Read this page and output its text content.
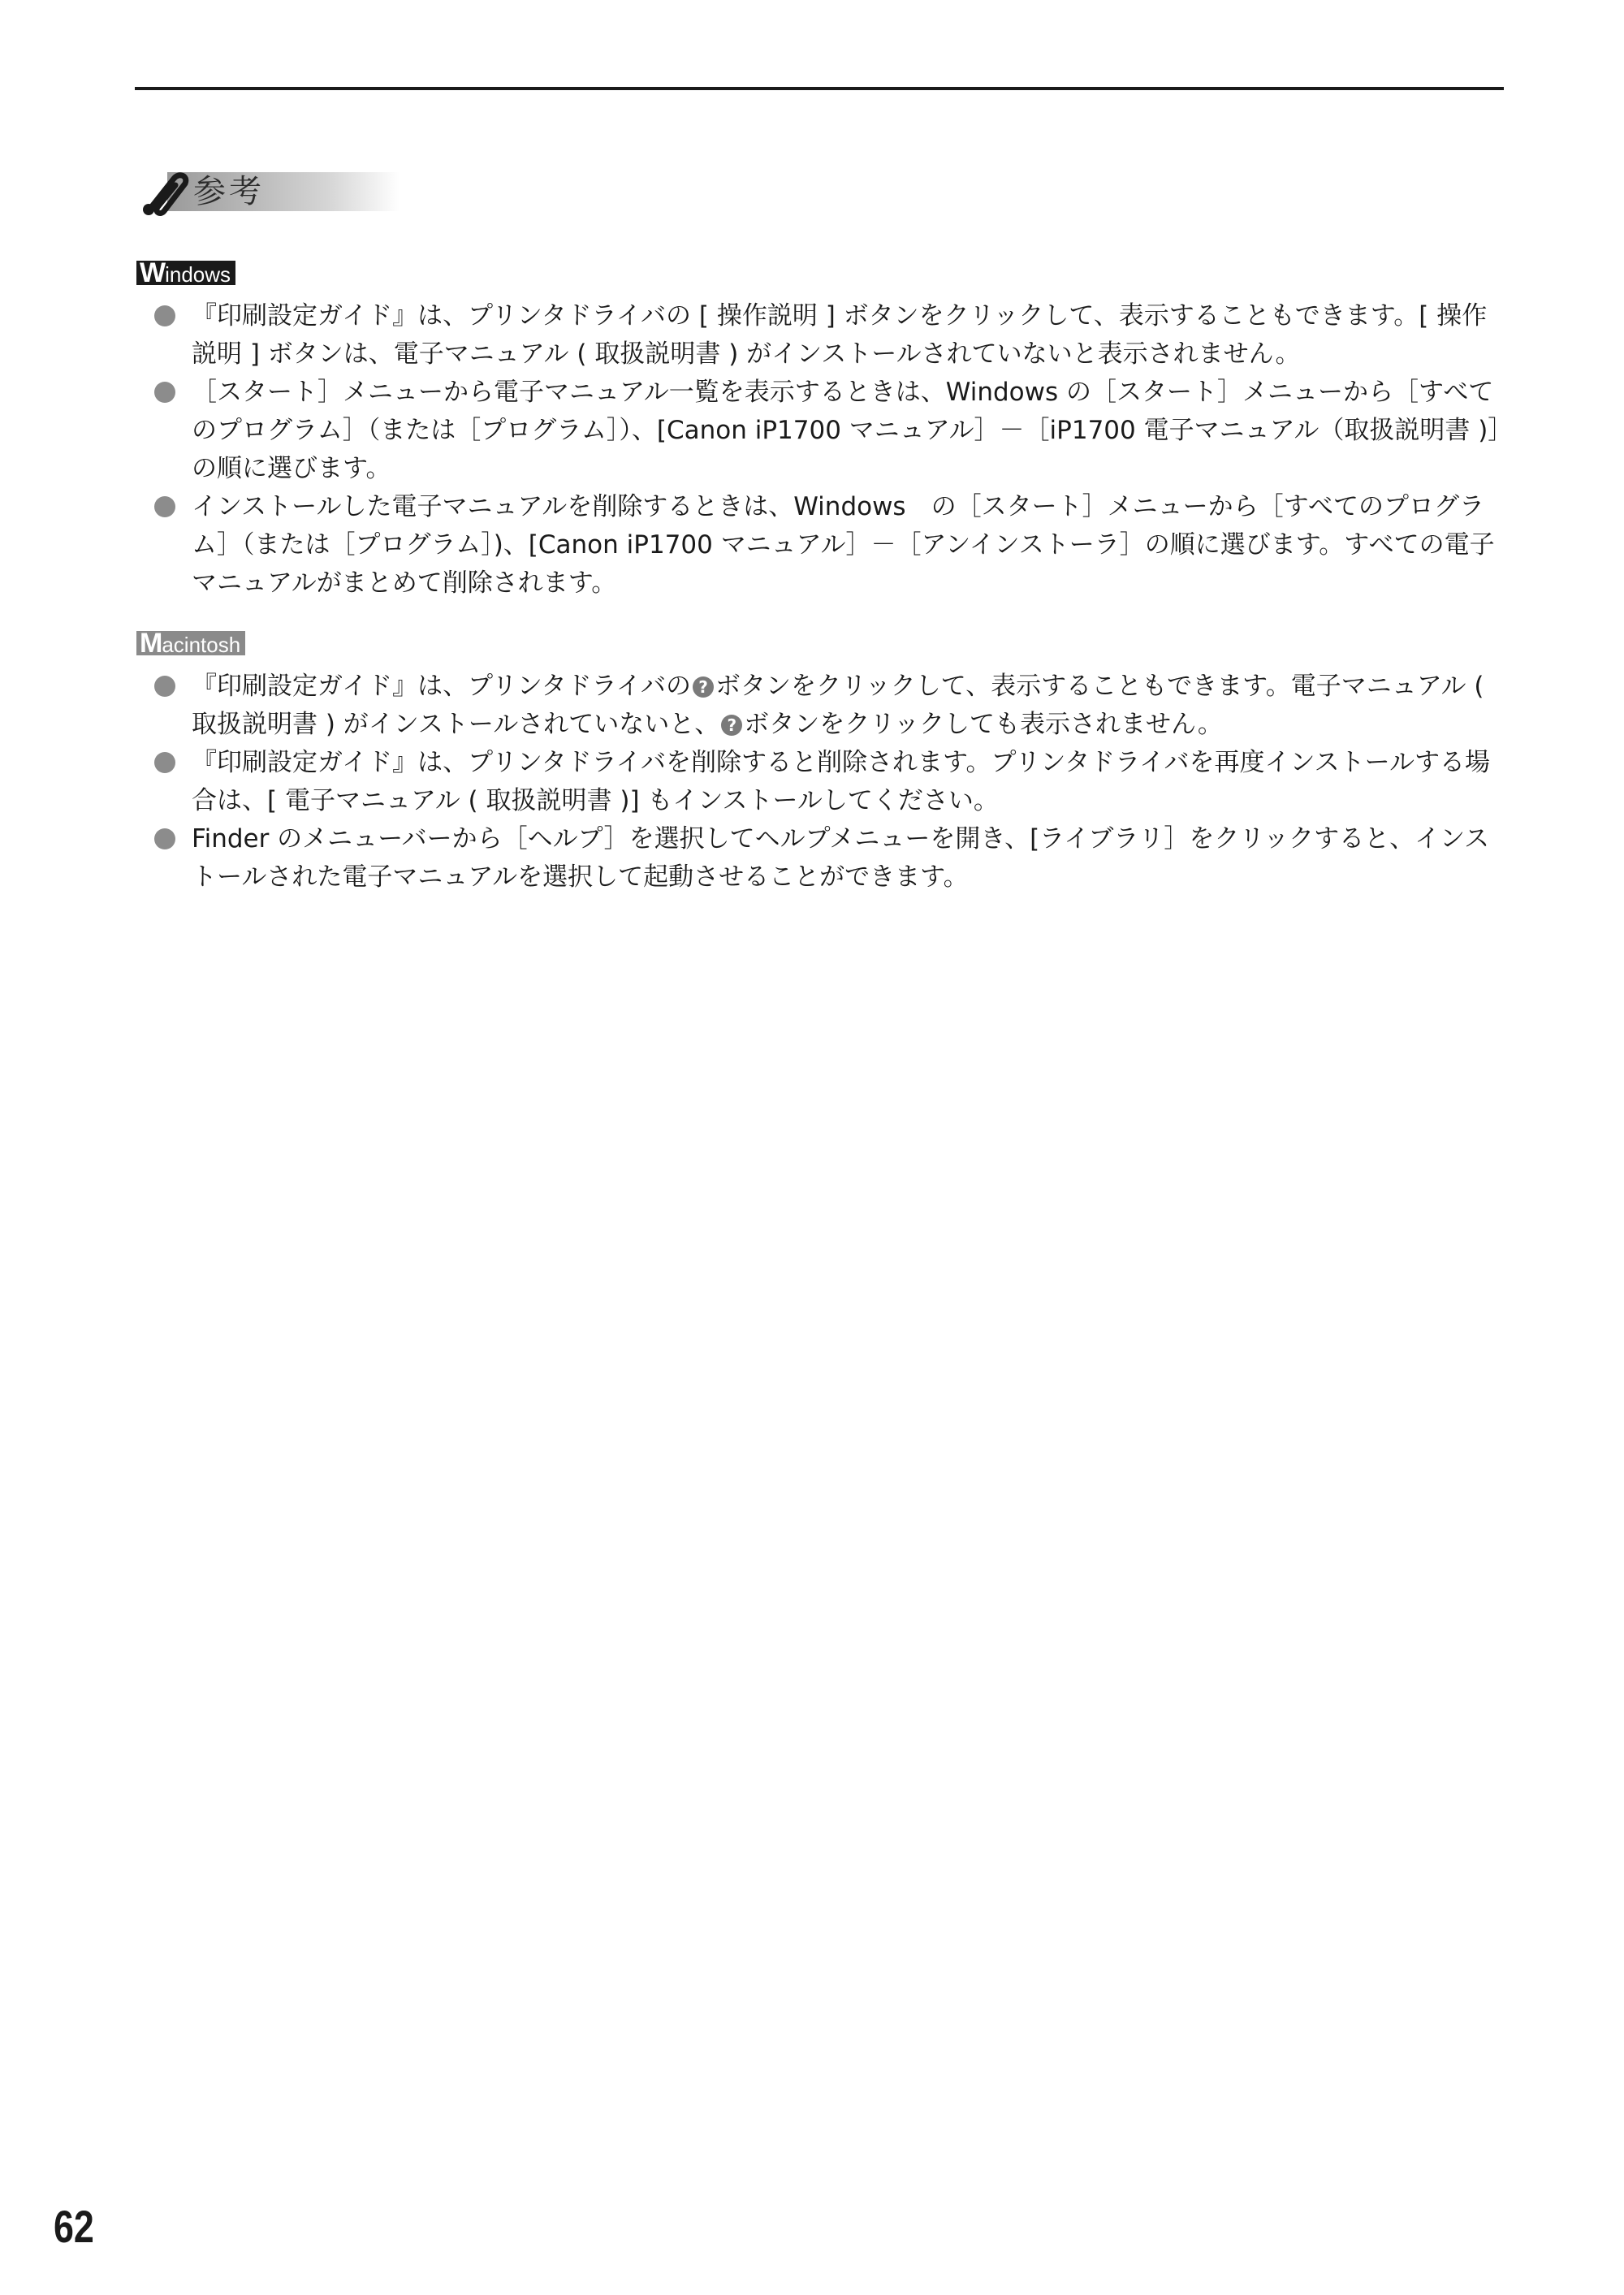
参考
Windows
『印刷設定ガイド』は、プリンタドライバの [ 操作説明 ] ボタンをクリックして、表示することもできます。[ 操作説明 ] ボタンは、電子マニュアル ( 取扱説明書 ) がインストールされていないと表示されません。
［スタート］メニューから電子マニュアル一覧を表示するときは、Windows の［スタート］メニューから［すべてのプログラム］（または［プログラム］）、[Canon iP1700 マニュアル］－［iP1700 電子マニュアル（取扱説明書 )］の順に選びます。
インストールした電子マニュアルを削除するときは、Windows　の［スタート］メニューから［すべてのプログラム］（または［プログラム］)、[Canon iP1700 マニュアル］－［アンインストーラ］の順に選びます。すべての電子マニュアルがまとめて削除されます。
Macintosh
『印刷設定ガイド』は、プリンタドライバの ? ボタンをクリックして、表示することもできます。電子マニュアル ( 取扱説明書 ) がインストールされていないと、 ? ボタンをクリックしても表示されません。
『印刷設定ガイド』は、プリンタドライバを削除すると削除されます。プリンタドライバを再度インストールする場合は、[ 電子マニュアル ( 取扱説明書 )] もインストールしてください。
Finder のメニューバーから［ヘルプ］を選択してヘルプメニューを開き、[ライブラリ］をクリックすると、インストールされた電子マニュアルを選択して起動させることができます。
62
